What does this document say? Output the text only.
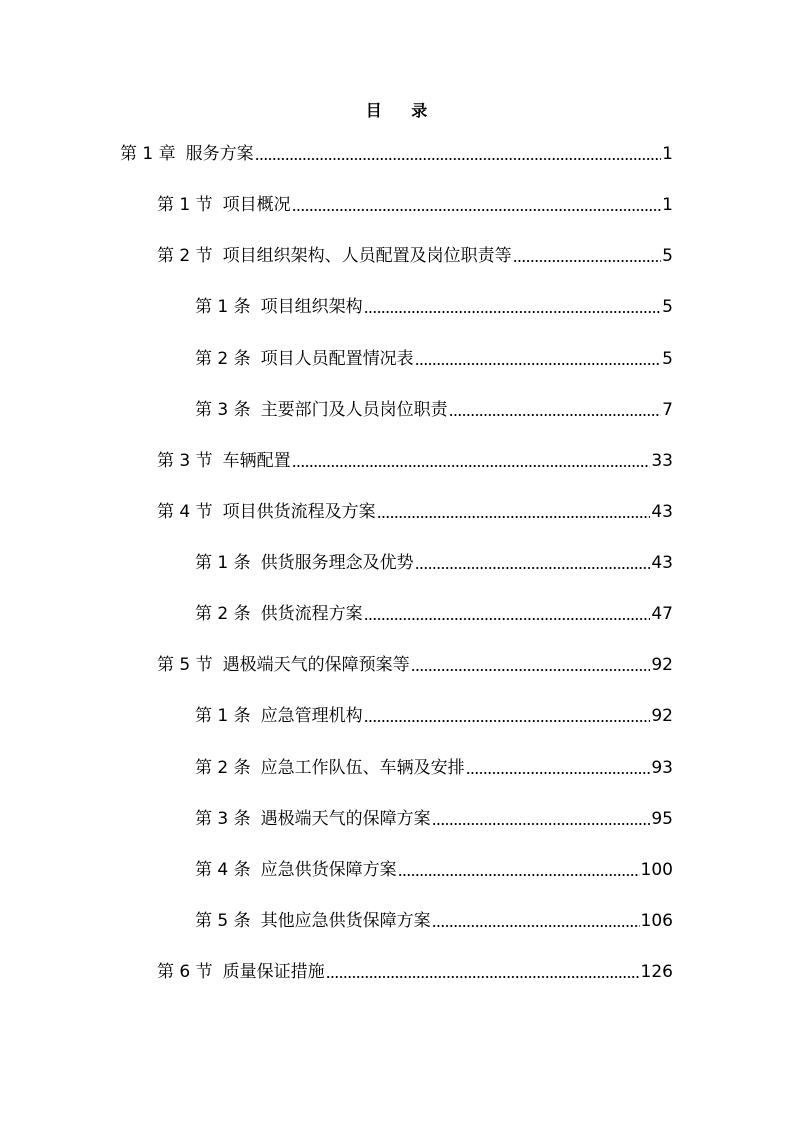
目 录
第 1 章 服务方案	1
第 1 节 项目概况	1
第 2 节 项目组织架构、人员配置及岗位职责等	5
第 1 条 项目组织架构	5
第 2 条 项目人员配置情况表	5
第 3 条 主要部门及人员岗位职责	7
第 3 节 车辆配置	33
第 4 节 项目供货流程及方案	43
第 1 条 供货服务理念及优势	43
第 2 条 供货流程方案	47
第 5 节 遇极端天气的保障预案等	92
第 1 条 应急管理机构	92
第 2 条 应急工作队伍、车辆及安排	93
第 3 条 遇极端天气的保障方案	95
第 4 条 应急供货保障方案	100
第 5 条 其他应急供货保障方案	106
第 6 节 质量保证措施	126
